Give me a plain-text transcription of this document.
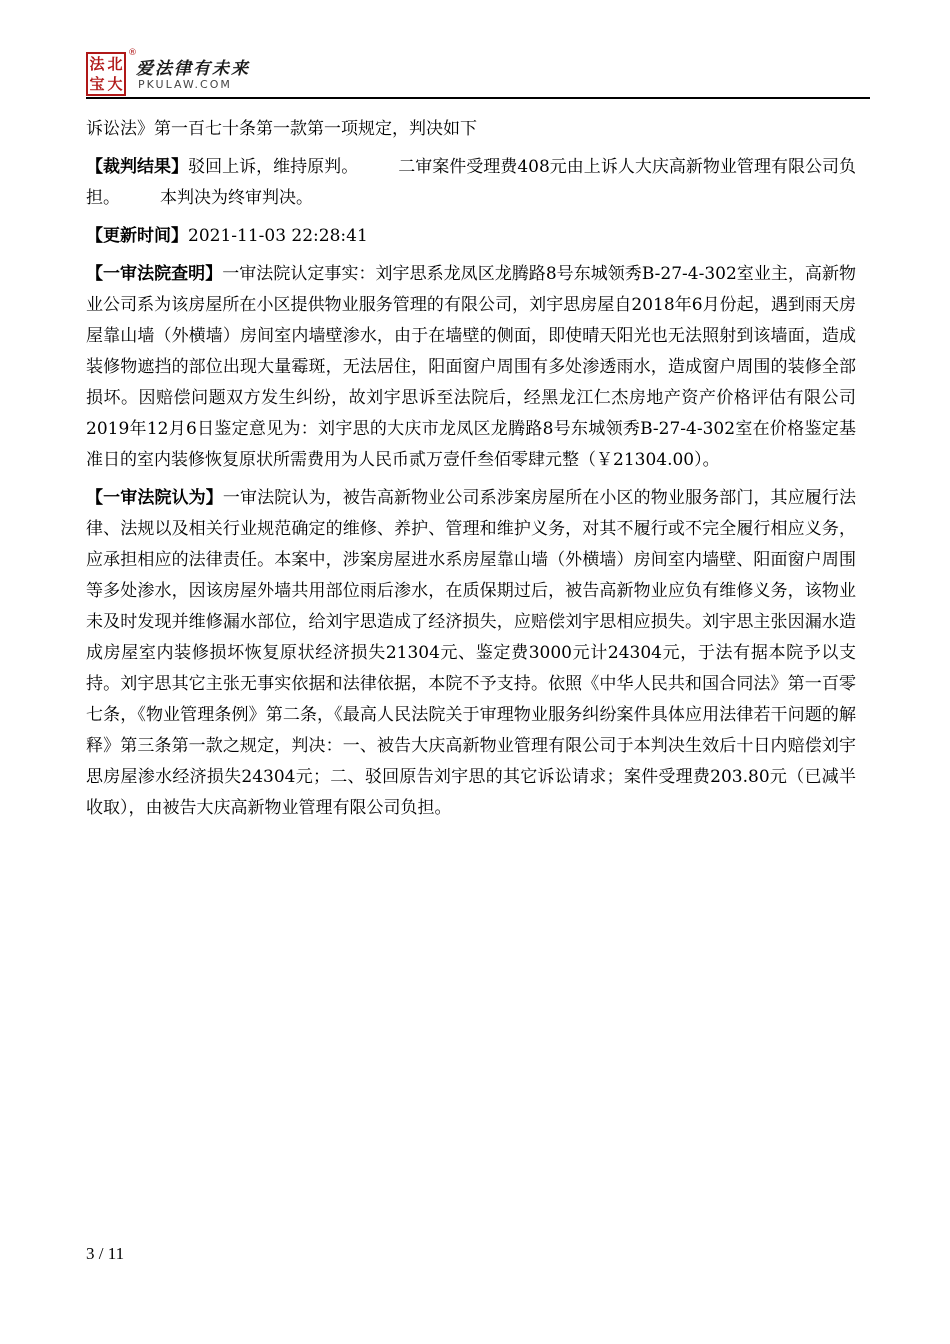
法 北
宝 大
®
爱法律有未来
PKULAW.COM

诉讼法》第一百七十条第一款第一项规定，判决如下

【裁判结果】驳回上诉，维持原判。 二审案件受理费408元由上诉人大庆高新物业管理有限公司负担。 本判决为终审判决。

【更新时间】2021-11-03 22:28:41

【一审法院查明】一审法院认定事实：刘宇思系龙凤区龙腾路8号东城领秀B-27-4-302室业主，高新物业公司系为该房屋所在小区提供物业服务管理的有限公司，刘宇思房屋自2018年6月份起，遇到雨天房屋靠山墙（外横墙）房间室内墙壁渗水，由于在墙壁的侧面，即使晴天阳光也无法照射到该墙面，造成装修物遮挡的部位出现大量霉斑，无法居住，阳面窗户周围有多处渗透雨水，造成窗户周围的装修全部损坏。因赔偿问题双方发生纠纷，故刘宇思诉至法院后，经黑龙江仁杰房地产资产价格评估有限公司2019年12月6日鉴定意见为：刘宇思的大庆市龙凤区龙腾路8号东城领秀B-27-4-302室在价格鉴定基准日的室内装修恢复原状所需费用为人民币贰万壹仟叁佰零肆元整（￥21304.00）。

【一审法院认为】一审法院认为，被告高新物业公司系涉案房屋所在小区的物业服务部门，其应履行法律、法规以及相关行业规范确定的维修、养护、管理和维护义务，对其不履行或不完全履行相应义务，应承担相应的法律责任。本案中，涉案房屋进水系房屋靠山墙（外横墙）房间室内墙壁、阳面窗户周围等多处渗水，因该房屋外墙共用部位雨后渗水，在质保期过后，被告高新物业应负有维修义务，该物业未及时发现并维修漏水部位，给刘宇思造成了经济损失，应赔偿刘宇思相应损失。刘宇思主张因漏水造成房屋室内装修损坏恢复原状经济损失21304元、鉴定费3000元计24304元，于法有据本院予以支持。刘宇思其它主张无事实依据和法律依据，本院不予支持。依照《中华人民共和国合同法》第一百零七条，《物业管理条例》第二条，《最高人民法院关于审理物业服务纠纷案件具体应用法律若干问题的解释》第三条第一款之规定，判决：一、被告大庆高新物业管理有限公司于本判决生效后十日内赔偿刘宇思房屋渗水经济损失24304元；二、驳回原告刘宇思的其它诉讼请求；案件受理费203.80元（已减半收取），由被告大庆高新物业管理有限公司负担。

3 / 11
